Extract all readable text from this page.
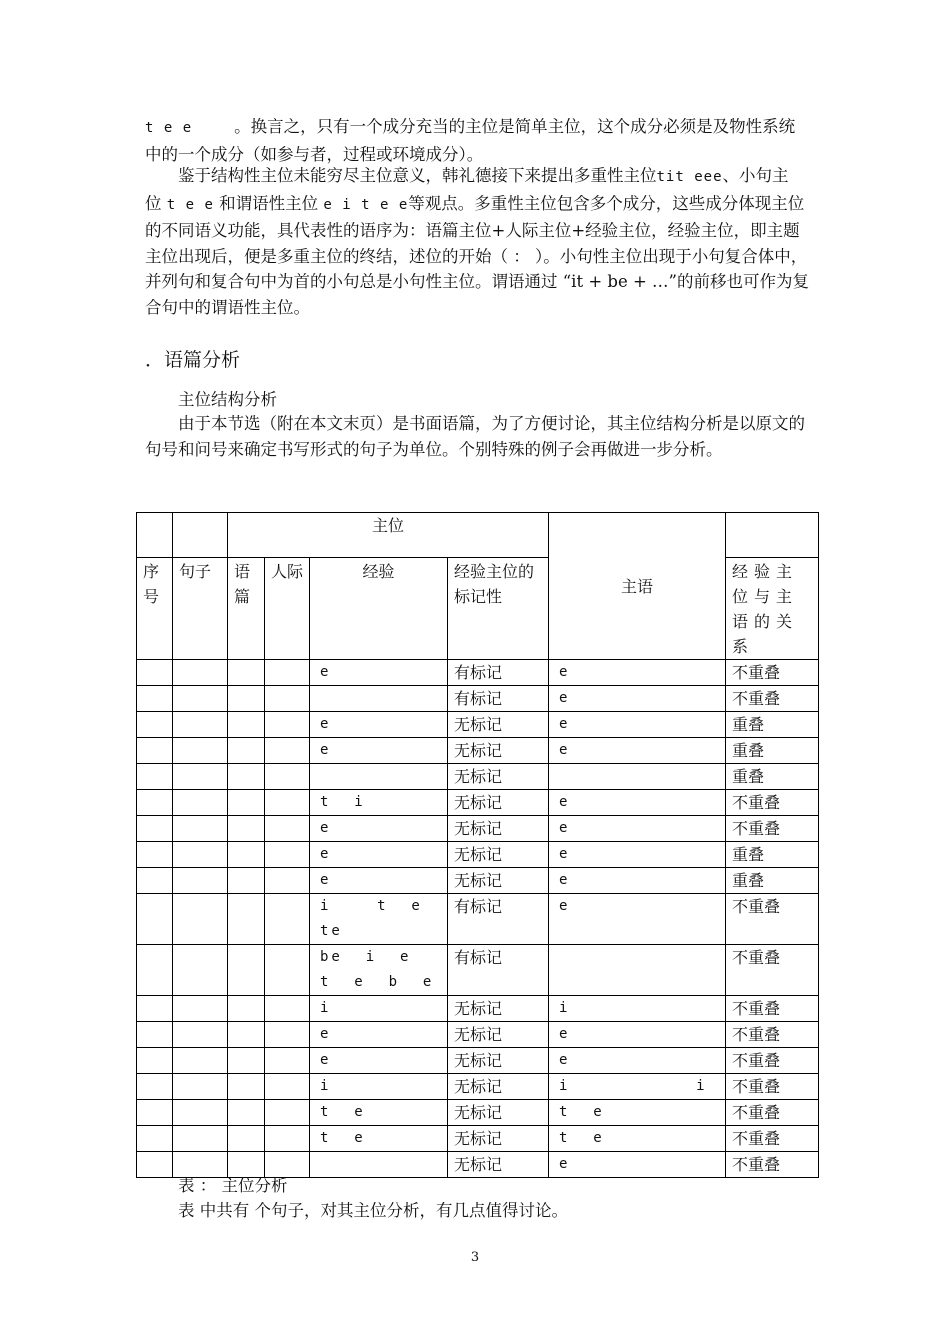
t e e	。换言之，只有一个成分充当的主位是简单主位，这个成分必须是及物性系统中的一个成分（如参与者，过程或环境成分）。

鉴于结构性主位未能穷尽主位意义，韩礼德接下来提出多重性主位tit eee、小句主位 t e e 和谓语性主位 e i t e e等观点。多重性主位包含多个成分，这些成分体现主位的不同语义功能，具代表性的语序为：语篇主位+人际主位+经验主位，经验主位，即主题主位出现后，便是多重主位的终结，述位的开始（ ： ）。小句性主位出现于小句复合体中，并列句和复合句中为首的小句总是小句性主位。谓语通过 “it + be + …”的前移也可作为复合句中的谓语性主位。

．语篇分析

主位结构分析

由于本节选（附在本文末页）是书面语篇，为了方便讨论，其主位结构分析是以原文的句号和问号来确定书写形式的句子为单位。个别特殊的例子会再做进一步分析。

		主位				主语	
序号	句子	语篇	人际	经验	经验主位的标记性		经验主位与主语的关系
				e	有标记	e	不重叠
					有标记	e	不重叠
				e	无标记	e	重叠
				e	无标记	e	重叠
					无标记		重叠
				t  i	无标记	e	不重叠
				e	无标记	e	不重叠
				e	无标记	e	重叠
				e	无标记	e	重叠
				i    t  e  te	有标记	e	不重叠
				be  i  e  t  e  b  e	有标记		不重叠
				i	无标记	i	不重叠
				e	无标记	e	不重叠
				e	无标记	e	不重叠
				i	无标记	i           i	不重叠
				t  e	无标记	t  e	不重叠
				t  e	无标记	t  e	不重叠
					无标记	e	不重叠

表 ： 主位分析

表 中共有 个句子，对其主位分析，有几点值得讨论。

3
